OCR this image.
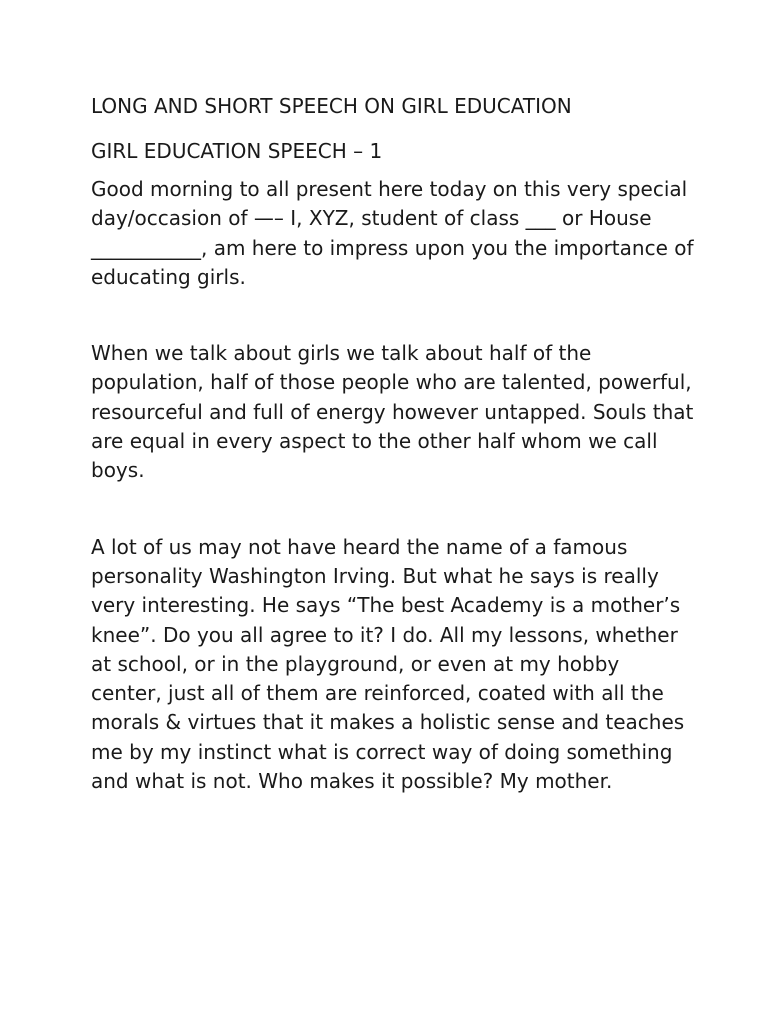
LONG AND SHORT SPEECH ON GIRL EDUCATION
GIRL EDUCATION SPEECH – 1

Good morning to all present here today on this very special day/occasion of —– I, XYZ, student of class ___ or House ___________, am here to impress upon you the importance of educating girls.

When we talk about girls we talk about half of the population, half of those people who are talented, powerful, resourceful and full of energy however untapped. Souls that are equal in every aspect to the other half whom we call boys.

A lot of us may not have heard the name of a famous personality Washington Irving. But what he says is really very interesting. He says “The best Academy is a mother’s knee”. Do you all agree to it? I do. All my lessons, whether at school, or in the playground, or even at my hobby center, just all of them are reinforced, coated with all the morals & virtues that it makes a holistic sense and teaches me by my instinct what is correct way of doing something and what is not. Who makes it possible? My mother.
